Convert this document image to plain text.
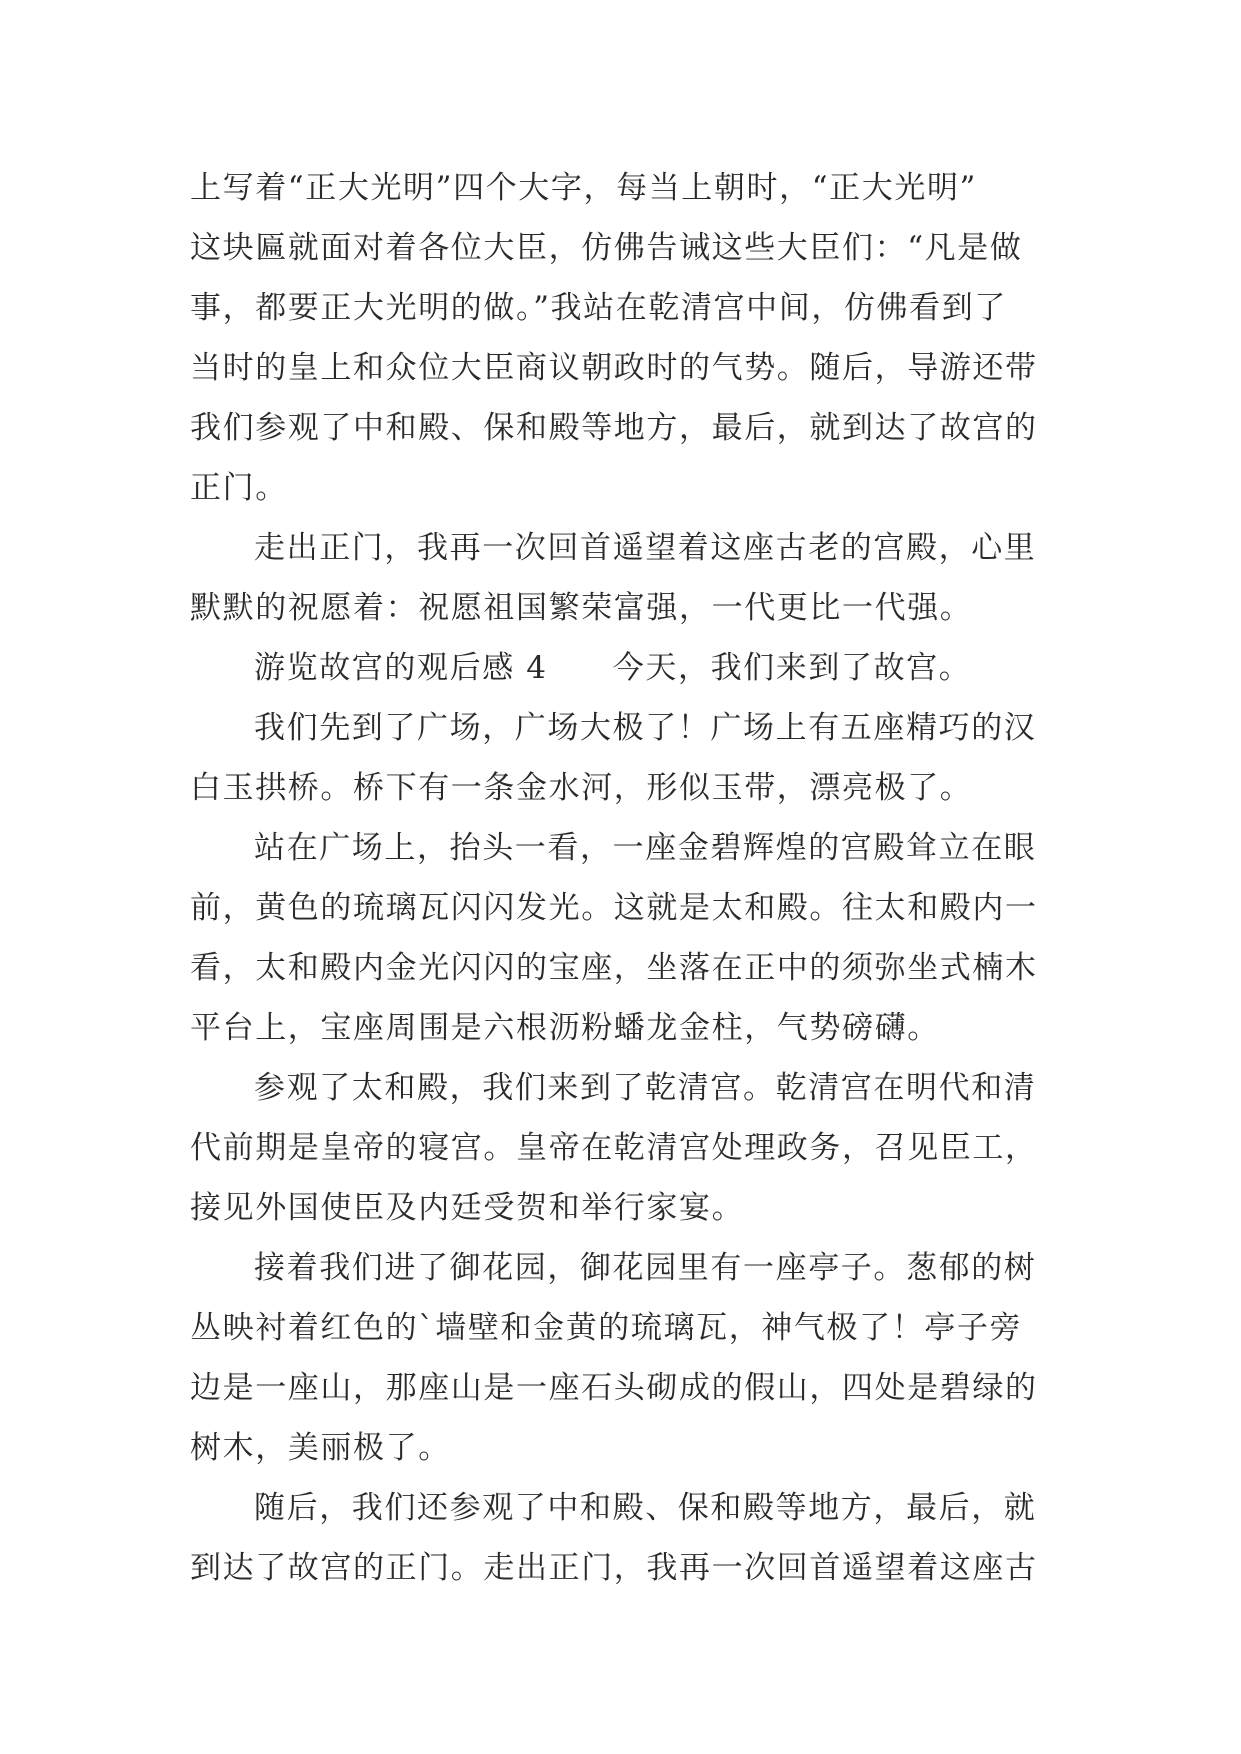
上写着“正大光明”四个大字，每当上朝时，“正大光明”
这块匾就面对着各位大臣，仿佛告诫这些大臣们：“凡是做
事，都要正大光明的做。”我站在乾清宫中间，仿佛看到了
当时的皇上和众位大臣商议朝政时的气势。随后，导游还带
我们参观了中和殿、保和殿等地方，最后，就到达了故宫的
正门。
走出正门，我再一次回首遥望着这座古老的宫殿，心里
默默的祝愿着：祝愿祖国繁荣富强，一代更比一代强。
游览故宫的观后感 4　　今天，我们来到了故宫。
我们先到了广场，广场大极了！广场上有五座精巧的汉
白玉拱桥。桥下有一条金水河，形似玉带，漂亮极了。
站在广场上，抬头一看，一座金碧辉煌的宫殿耸立在眼
前，黄色的琉璃瓦闪闪发光。这就是太和殿。往太和殿内一
看，太和殿内金光闪闪的宝座，坐落在正中的须弥坐式楠木
平台上，宝座周围是六根沥粉蟠龙金柱，气势磅礴。
参观了太和殿，我们来到了乾清宫。乾清宫在明代和清
代前期是皇帝的寝宫。皇帝在乾清宫处理政务，召见臣工，
接见外国使臣及内廷受贺和举行家宴。
接着我们进了御花园，御花园里有一座亭子。葱郁的树
丛映衬着红色的`墙壁和金黄的琉璃瓦，神气极了！亭子旁
边是一座山，那座山是一座石头砌成的假山，四处是碧绿的
树木，美丽极了。
随后，我们还参观了中和殿、保和殿等地方，最后，就
到达了故宫的正门。走出正门，我再一次回首遥望着这座古
